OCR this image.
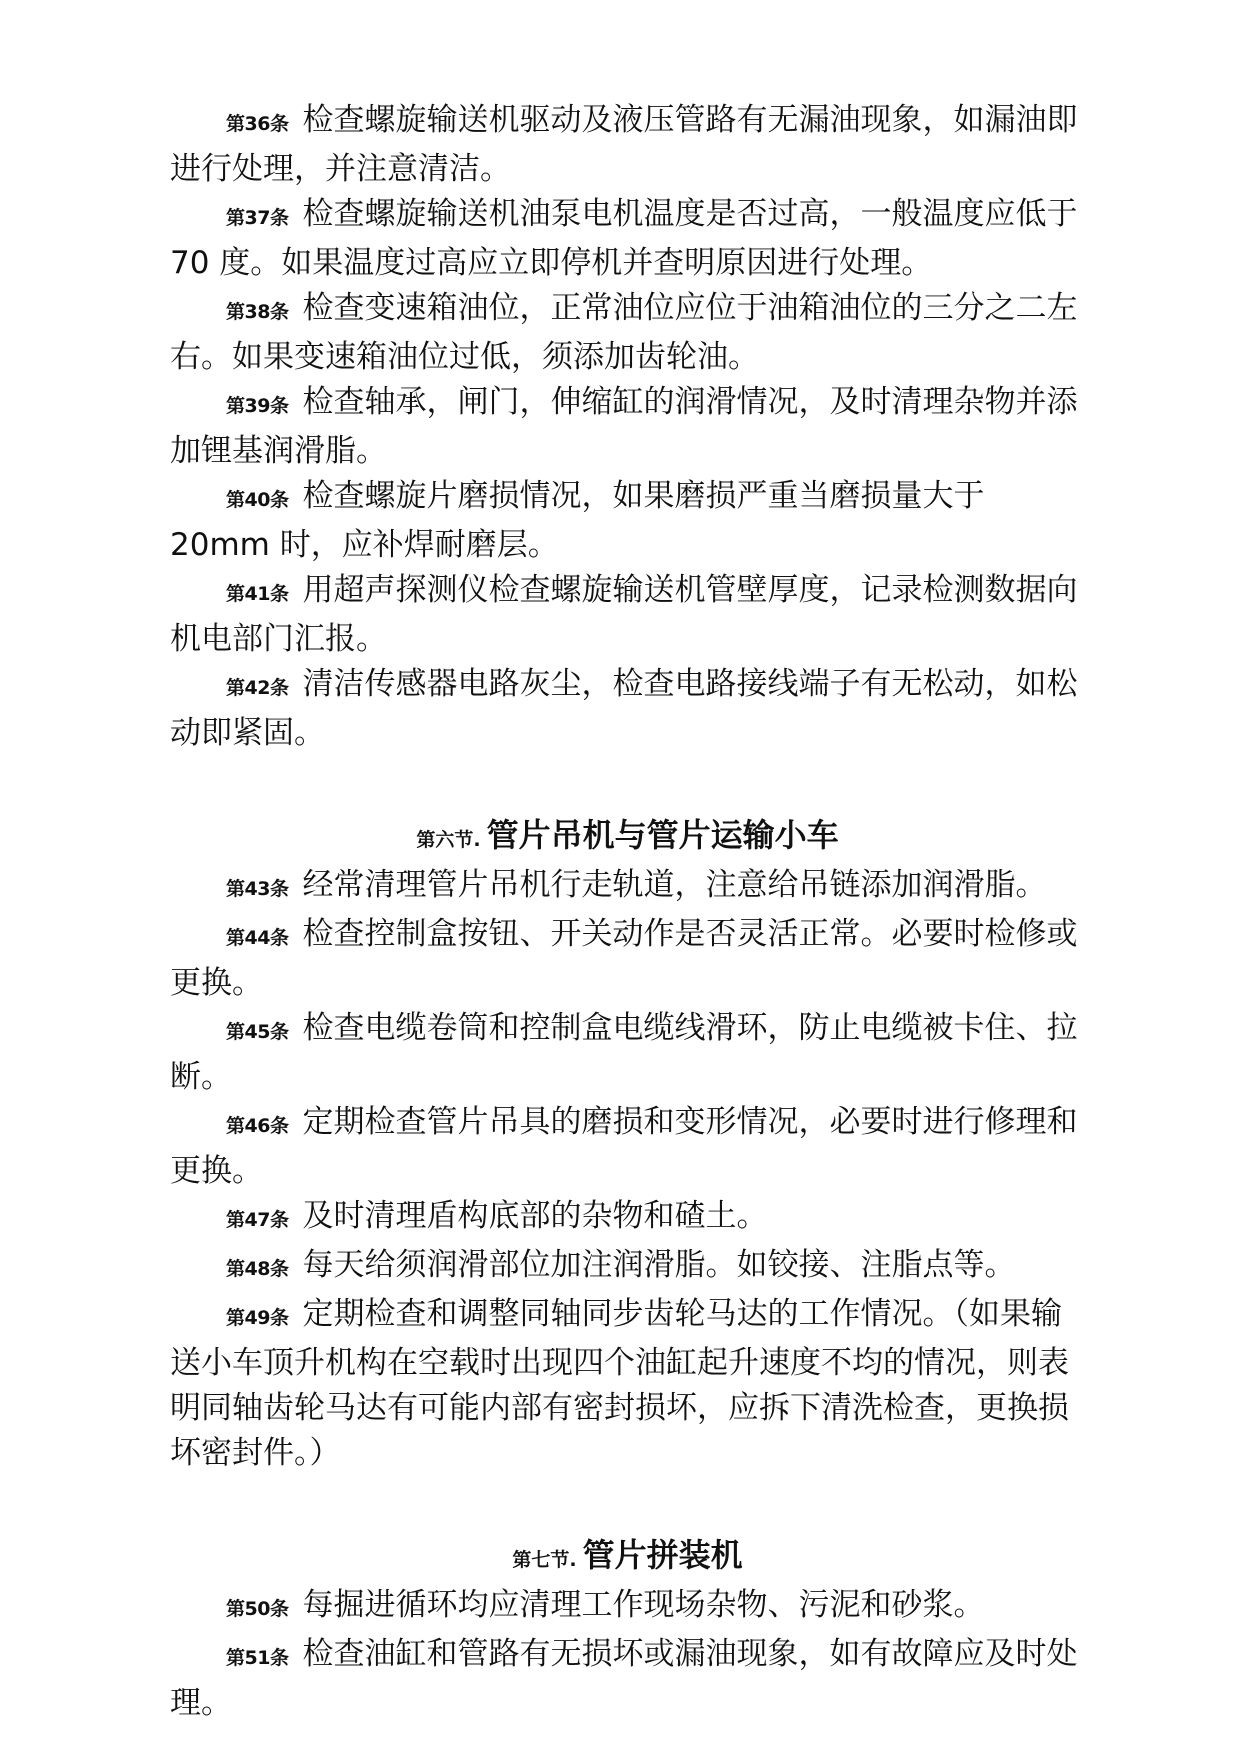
第36条 检查螺旋输送机驱动及液压管路有无漏油现象，如漏油即进行处理，并注意清洁。

第37条 检查螺旋输送机油泵电机温度是否过高，一般温度应低于 70 度。如果温度过高应立即停机并查明原因进行处理。

第38条 检查变速箱油位，正常油位应位于油箱油位的三分之二左右。如果变速箱油位过低，须添加齿轮油。

第39条 检查轴承，闸门，伸缩缸的润滑情况，及时清理杂物并添加锂基润滑脂。

第40条 检查螺旋片磨损情况，如果磨损严重当磨损量大于 20mm 时，应补焊耐磨层。

第41条 用超声探测仪检查螺旋输送机管壁厚度，记录检测数据向机电部门汇报。

第42条 清洁传感器电路灰尘，检查电路接线端子有无松动，如松动即紧固。

第六节. 管片吊机与管片运输小车

第43条 经常清理管片吊机行走轨道，注意给吊链添加润滑脂。

第44条 检查控制盒按钮、开关动作是否灵活正常。必要时检修或更换。

第45条 检查电缆卷筒和控制盒电缆线滑环，防止电缆被卡住、拉断。

第46条 定期检查管片吊具的磨损和变形情况，必要时进行修理和更换。

第47条 及时清理盾构底部的杂物和碴土。

第48条 每天给须润滑部位加注润滑脂。如铰接、注脂点等。

第49条 定期检查和调整同轴同步齿轮马达的工作情况。（如果输送小车顶升机构在空载时出现四个油缸起升速度不均的情况，则表明同轴齿轮马达有可能内部有密封损坏，应拆下清洗检查，更换损坏密封件。）

第七节. 管片拼装机

第50条 每掘进循环均应清理工作现场杂物、污泥和砂浆。

第51条 检查油缸和管路有无损坏或漏油现象，如有故障应及时处理。
